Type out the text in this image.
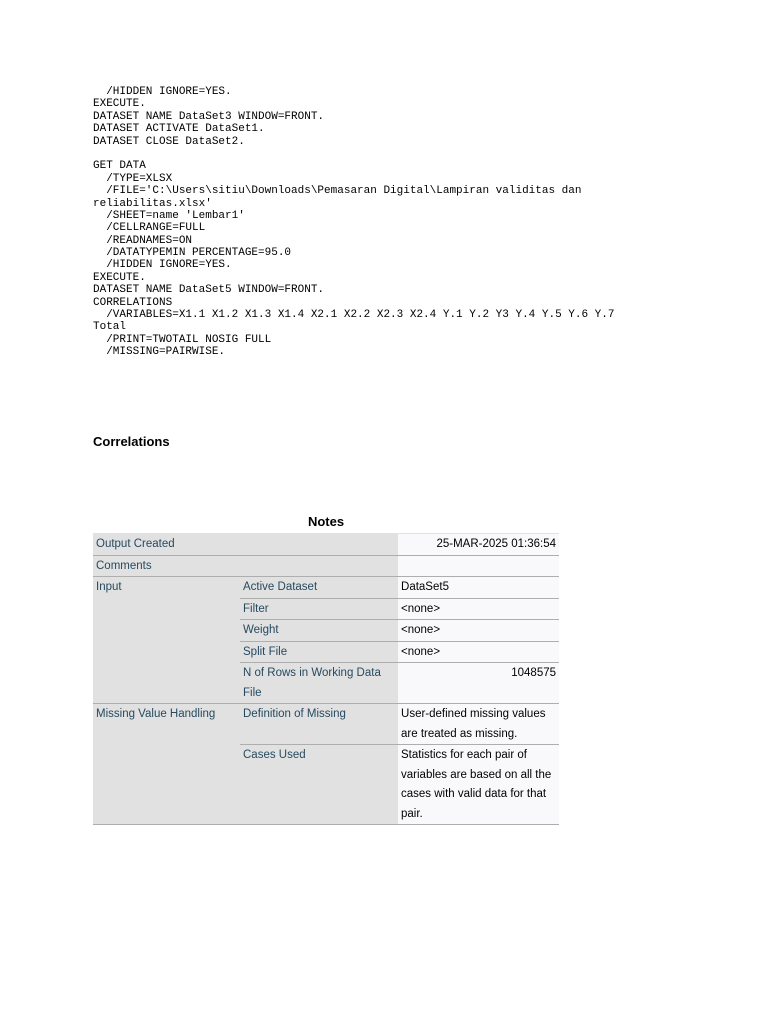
/HIDDEN IGNORE=YES.
EXECUTE.
DATASET NAME DataSet3 WINDOW=FRONT.
DATASET ACTIVATE DataSet1.
DATASET CLOSE DataSet2.
GET DATA
/TYPE=XLSX
/FILE='C:\Users\sitiu\Downloads\Pemasaran Digital\Lampiran validitas dan
reliabilitas.xlsx'
/SHEET=name 'Lembar1'
/CELLRANGE=FULL
/READNAMES=ON
/DATATYPEMIN PERCENTAGE=95.0
/HIDDEN IGNORE=YES.
EXECUTE.
DATASET NAME DataSet5 WINDOW=FRONT.
CORRELATIONS
/VARIABLES=X1.1 X1.2 X1.3 X1.4 X2.1 X2.2 X2.3 X2.4 Y.1 Y.2 Y3 Y.4 Y.5 Y.6 Y.7
Total
/PRINT=TWOTAIL NOSIG FULL
/MISSING=PAIRWISE.
Correlations
Notes
Output Created		25-MAR-2025 01:36:54
Comments		
Input	Active Dataset	DataSet5
	Filter	<none>
	Weight	<none>
	Split File	<none>
	N of Rows in Working Data File	1048575
Missing Value Handling	Definition of Missing	User-defined missing values are treated as missing.
	Cases Used	Statistics for each pair of variables are based on all the cases with valid data for that pair.
